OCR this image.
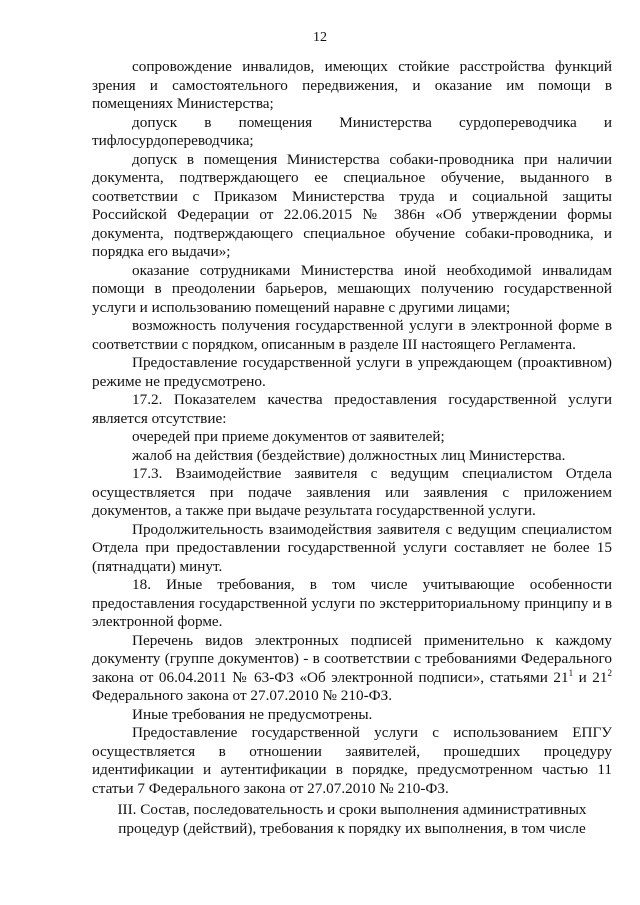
12

сопровождение инвалидов, имеющих стойкие расстройства функций зрения и самостоятельного передвижения, и оказание им помощи в помещениях Министерства;

допуск в помещения Министерства сурдопереводчика и тифлосурдопереводчика;

допуск в помещения Министерства собаки-проводника при наличии документа, подтверждающего ее специальное обучение, выданного в соответствии с Приказом Министерства труда и социальной защиты Российской Федерации от 22.06.2015 № 386н «Об утверждении формы документа, подтверждающего специальное обучение собаки-проводника, и порядка его выдачи»;

оказание сотрудниками Министерства иной необходимой инвалидам помощи в преодолении барьеров, мешающих получению государственной услуги и использованию помещений наравне с другими лицами;

возможность получения государственной услуги в электронной форме в соответствии с порядком, описанным в разделе III настоящего Регламента.

Предоставление государственной услуги в упреждающем (проактивном) режиме не предусмотрено.

17.2. Показателем качества предоставления государственной услуги является отсутствие:

очередей при приеме документов от заявителей;

жалоб на действия (бездействие) должностных лиц Министерства.

17.3. Взаимодействие заявителя с ведущим специалистом Отдела осуществляется при подаче заявления или заявления с приложением документов, а также при выдаче результата государственной услуги.

Продолжительность взаимодействия заявителя с ведущим специалистом Отдела при предоставлении государственной услуги составляет не более 15 (пятнадцати) минут.

18. Иные требования, в том числе учитывающие особенности предоставления государственной услуги по экстерриториальному принципу и в электронной форме.

Перечень видов электронных подписей применительно к каждому документу (группе документов) - в соответствии с требованиями Федерального закона от 06.04.2011 № 63-ФЗ «Об электронной подписи», статьями $21^1$ и $21^2$ Федерального закона от 27.07.2010 № 210-ФЗ.

Иные требования не предусмотрены.

Предоставление государственной услуги с использованием ЕПГУ осуществляется в отношении заявителей, прошедших процедуру идентификации и аутентификации в порядке, предусмотренном частью 11 статьи 7 Федерального закона от 27.07.2010 № 210-ФЗ.

III. Состав, последовательность и сроки выполнения административных
процедур (действий), требования к порядку их выполнения, в том числе
